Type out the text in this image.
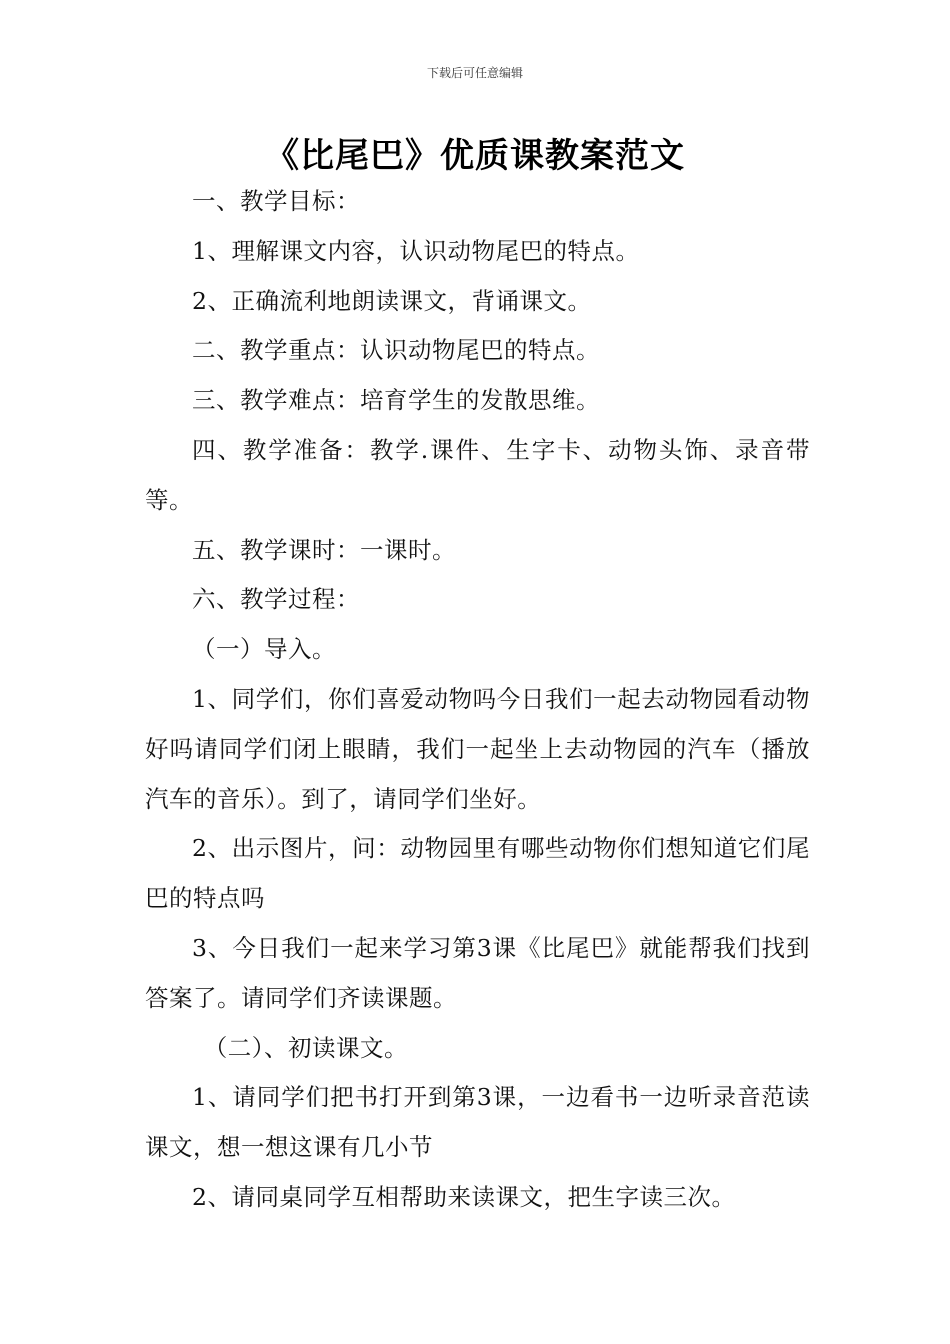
下载后可任意编辑
《比尾巴》优质课教案范文

一、教学目标：

1、理解课文内容，认识动物尾巴的特点。

2、正确流利地朗读课文，背诵课文。

二、教学重点：认识动物尾巴的特点。

三、教学难点：培育学生的发散思维。

四、教学准备：教学.课件、生字卡、动物头饰、录音带等。

五、教学课时：一课时。

六、教学过程：

（一）导入。

1、同学们，你们喜爱动物吗今日我们一起去动物园看动物好吗请同学们闭上眼睛，我们一起坐上去动物园的汽车（播放汽车的音乐）。到了，请同学们坐好。

2、出示图片，问：动物园里有哪些动物你们想知道它们尾巴的特点吗

3、今日我们一起来学习第3课《比尾巴》就能帮我们找到答案了。请同学们齐读课题。

（二）、初读课文。

1、请同学们把书打开到第3课，一边看书一边听录音范读课文，想一想这课有几小节

2、请同桌同学互相帮助来读课文，把生字读三次。
